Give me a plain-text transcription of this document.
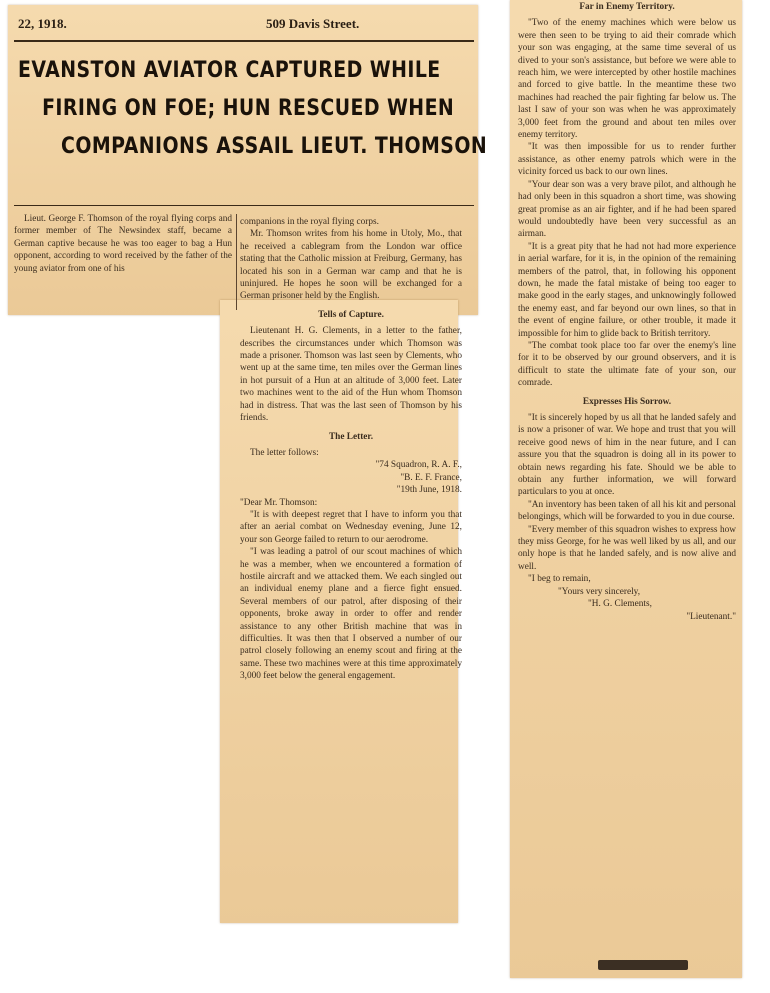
22, 1918.	509 Davis Street.
EVANSTON AVIATOR CAPTURED WHILE
FIRING ON FOE; HUN RESCUED WHEN
COMPANIONS ASSAIL LIEUT. THOMSON

Lieut. George F. Thomson of the royal flying corps and former member of The Newsindex staff, became a German captive because he was too eager to bag a Hun opponent, according to word received by the father of the young aviator from one of his

companions in the royal flying corps.

Mr. Thomson writes from his home in Utoly, Mo., that he received a cablegram from the London war office stating that the Catholic mission at Freiburg, Germany, has located his son in a German war camp and that he is uninjured. He hopes he soon will be exchanged for a German prisoner held by the English.

Tells of Capture.

Lieutenant H. G. Clements, in a letter to the father, describes the circumstances under which Thomson was made a prisoner. Thomson was last seen by Clements, who went up at the same time, ten miles over the German lines in hot pursuit of a Hun at an altitude of 3,000 feet. Later two machines went to the aid of the Hun whom Thomson had in distress. That was the last seen of Thomson by his friends.

The Letter.

The letter follows:

"74 Squadron, R. A. F.,

"B. E. F. France,

"19th June, 1918.

"Dear Mr. Thomson:

"It is with deepest regret that I have to inform you that after an aerial combat on Wednesday evening, June 12, your son George failed to return to our aerodrome.

"I was leading a patrol of our scout machines of which he was a member, when we encountered a formation of hostile aircraft and we attacked them. We each singled out an individual enemy plane and a fierce fight ensued. Several members of our patrol, after disposing of their opponents, broke away in order to offer and render assistance to any other British machine that was in difficulties. It was then that I observed a number of our patrol closely following an enemy scout and firing at the same. These two machines were at this time approximately 3,000 feet below the general engagement.

Far in Enemy Territory.

"Two of the enemy machines which were below us were then seen to be trying to aid their comrade which your son was engaging, at the same time several of us dived to your son's assistance, but before we were able to reach him, we were intercepted by other hostile machines and forced to give battle. In the meantime these two machines had reached the pair fighting far below us. The last I saw of your son was when he was approximately 3,000 feet from the ground and about ten miles over enemy territory.

"It was then impossible for us to render further assistance, as other enemy patrols which were in the vicinity forced us back to our own lines.

"Your dear son was a very brave pilot, and although he had only been in this squadron a short time, was showing great promise as an air fighter, and if he had been spared would undoubtedly have been very successful as an airman.

"It is a great pity that he had not had more experience in aerial warfare, for it is, in the opinion of the remaining members of the patrol, that, in following his opponent down, he made the fatal mistake of being too eager to make good in the early stages, and unknowingly followed the enemy east, and far beyond our own lines, so that in the event of engine failure, or other trouble, it made it impossible for him to glide back to British territory.

"The combat took place too far over the enemy's line for it to be observed by our ground observers, and it is difficult to state the ultimate fate of your son, our comrade.

Expresses His Sorrow.

"It is sincerely hoped by us all that he landed safely and is now a prisoner of war. We hope and trust that you will receive good news of him in the near future, and I can assure you that the squadron is doing all in its power to obtain news regarding his fate. Should we be able to obtain any further information, we will forward particulars to you at once.

"An inventory has been taken of all his kit and personal belongings, which will be forwarded to you in due course.

"Every member of this squadron wishes to express how they miss George, for he was well liked by us all, and our only hope is that he landed safely, and is now alive and well.

"I beg to remain,

"Yours very sincerely,

"H. G. Clements,

"Lieutenant."
